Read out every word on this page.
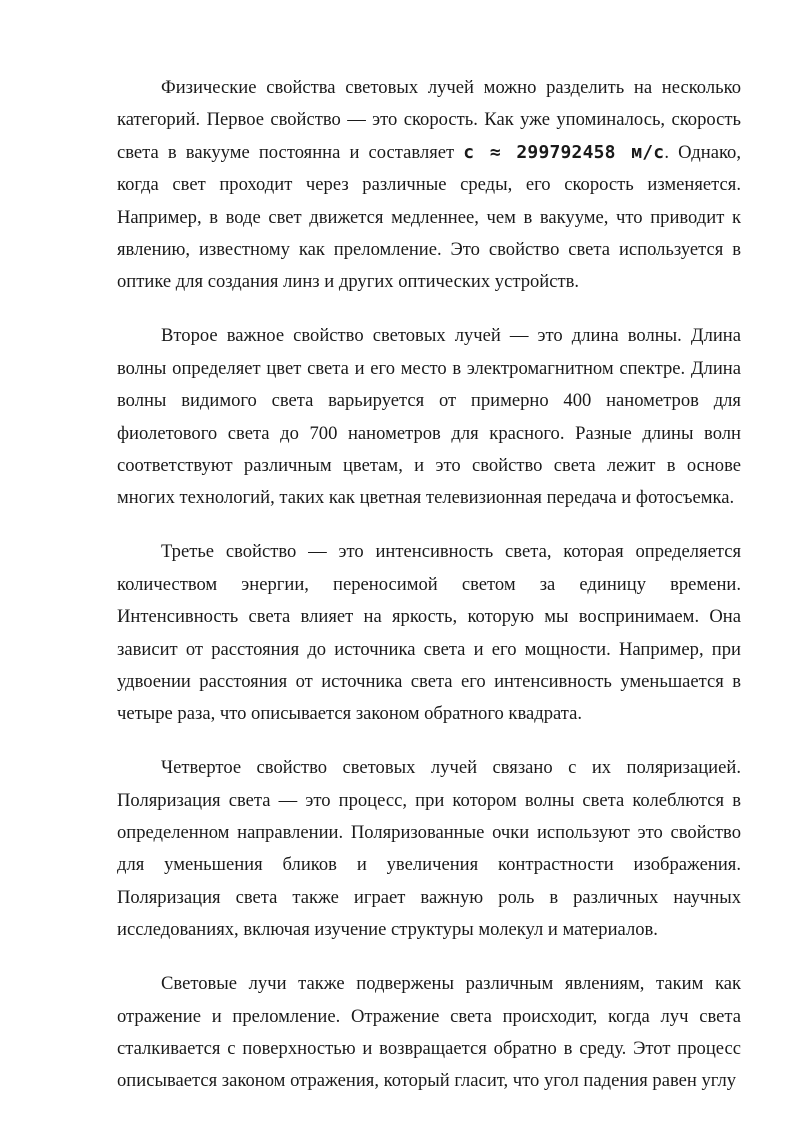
Физические свойства световых лучей можно разделить на несколько категорий. Первое свойство — это скорость. Как уже упоминалось, скорость света в вакууме постоянна и составляет c ≈ 299792458 м/с. Однако, когда свет проходит через различные среды, его скорость изменяется. Например, в воде свет движется медленнее, чем в вакууме, что приводит к явлению, известному как преломление. Это свойство света используется в оптике для создания линз и других оптических устройств.

Второе важное свойство световых лучей — это длина волны. Длина волны определяет цвет света и его место в электромагнитном спектре. Длина волны видимого света варьируется от примерно 400 нанометров для фиолетового света до 700 нанометров для красного. Разные длины волн соответствуют различным цветам, и это свойство света лежит в основе многих технологий, таких как цветная телевизионная передача и фотосъемка.

Третье свойство — это интенсивность света, которая определяется количеством энергии, переносимой светом за единицу времени. Интенсивность света влияет на яркость, которую мы воспринимаем. Она зависит от расстояния до источника света и его мощности. Например, при удвоении расстояния от источника света его интенсивность уменьшается в четыре раза, что описывается законом обратного квадрата.

Четвертое свойство световых лучей связано с их поляризацией. Поляризация света — это процесс, при котором волны света колеблются в определенном направлении. Поляризованные очки используют это свойство для уменьшения бликов и увеличения контрастности изображения. Поляризация света также играет важную роль в различных научных исследованиях, включая изучение структуры молекул и материалов.

Световые лучи также подвержены различным явлениям, таким как отражение и преломление. Отражение света происходит, когда луч света сталкивается с поверхностью и возвращается обратно в среду. Этот процесс описывается законом отражения, который гласит, что угол падения равен углу
